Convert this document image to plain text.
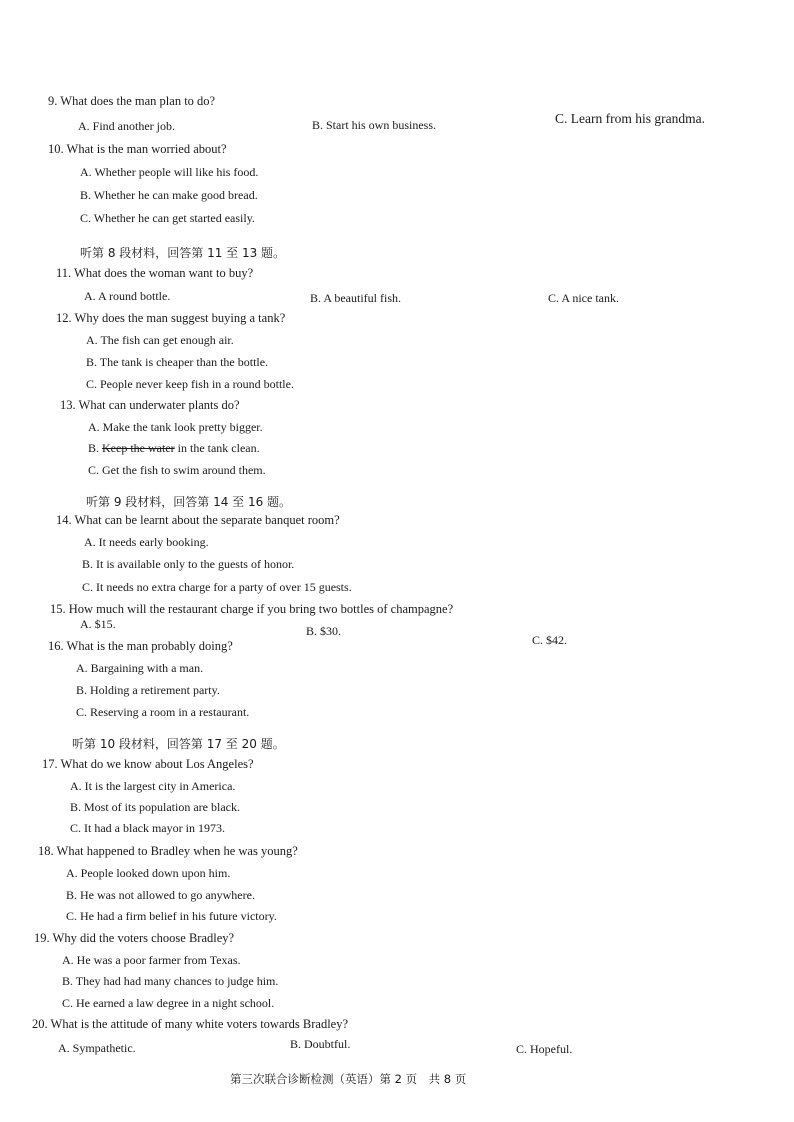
9. What does the man plan to do?
A. Find another job.	B. Start his own business.	C. Learn from his grandma.
10. What is the man worried about?
A. Whether people will like his food.
B. Whether he can make good bread.
C. Whether he can get started easily.
听第 8 段材料，回答第 11 至 13 题。
11. What does the woman want to buy?
A. A round bottle.	B. A beautiful fish.	C. A nice tank.
12. Why does the man suggest buying a tank?
A. The fish can get enough air.
B. The tank is cheaper than the bottle.
C. People never keep fish in a round bottle.
13. What can underwater plants do?
A. Make the tank look pretty bigger.
B. Keep the water in the tank clean.
C. Get the fish to swim around them.
听第 9 段材料，回答第 14 至 16 题。
14. What can be learnt about the separate banquet room?
A. It needs early booking.
B. It is available only to the guests of honor.
C. It needs no extra charge for a party of over 15 guests.
15. How much will the restaurant charge if you bring two bottles of champagne?
A. $15.	B. $30.
C. $42.
16. What is the man probably doing?
A. Bargaining with a man.
B. Holding a retirement party.
C. Reserving a room in a restaurant.
听第 10 段材料，回答第 17 至 20 题。
17. What do we know about Los Angeles?
A. It is the largest city in America.
B. Most of its population are black.
C. It had a black mayor in 1973.
18. What happened to Bradley when he was young?
A. People looked down upon him.
B. He was not allowed to go anywhere.
C. He had a firm belief in his future victory.
19. Why did the voters choose Bradley?
A. He was a poor farmer from Texas.
B. They had had many chances to judge him.
C. He earned a law degree in a night school.
20. What is the attitude of many white voters towards Bradley?
A. Sympathetic.	B. Doubtful.	C. Hopeful.
第三次联合诊断检测（英语）第 2 页　共 8 页
